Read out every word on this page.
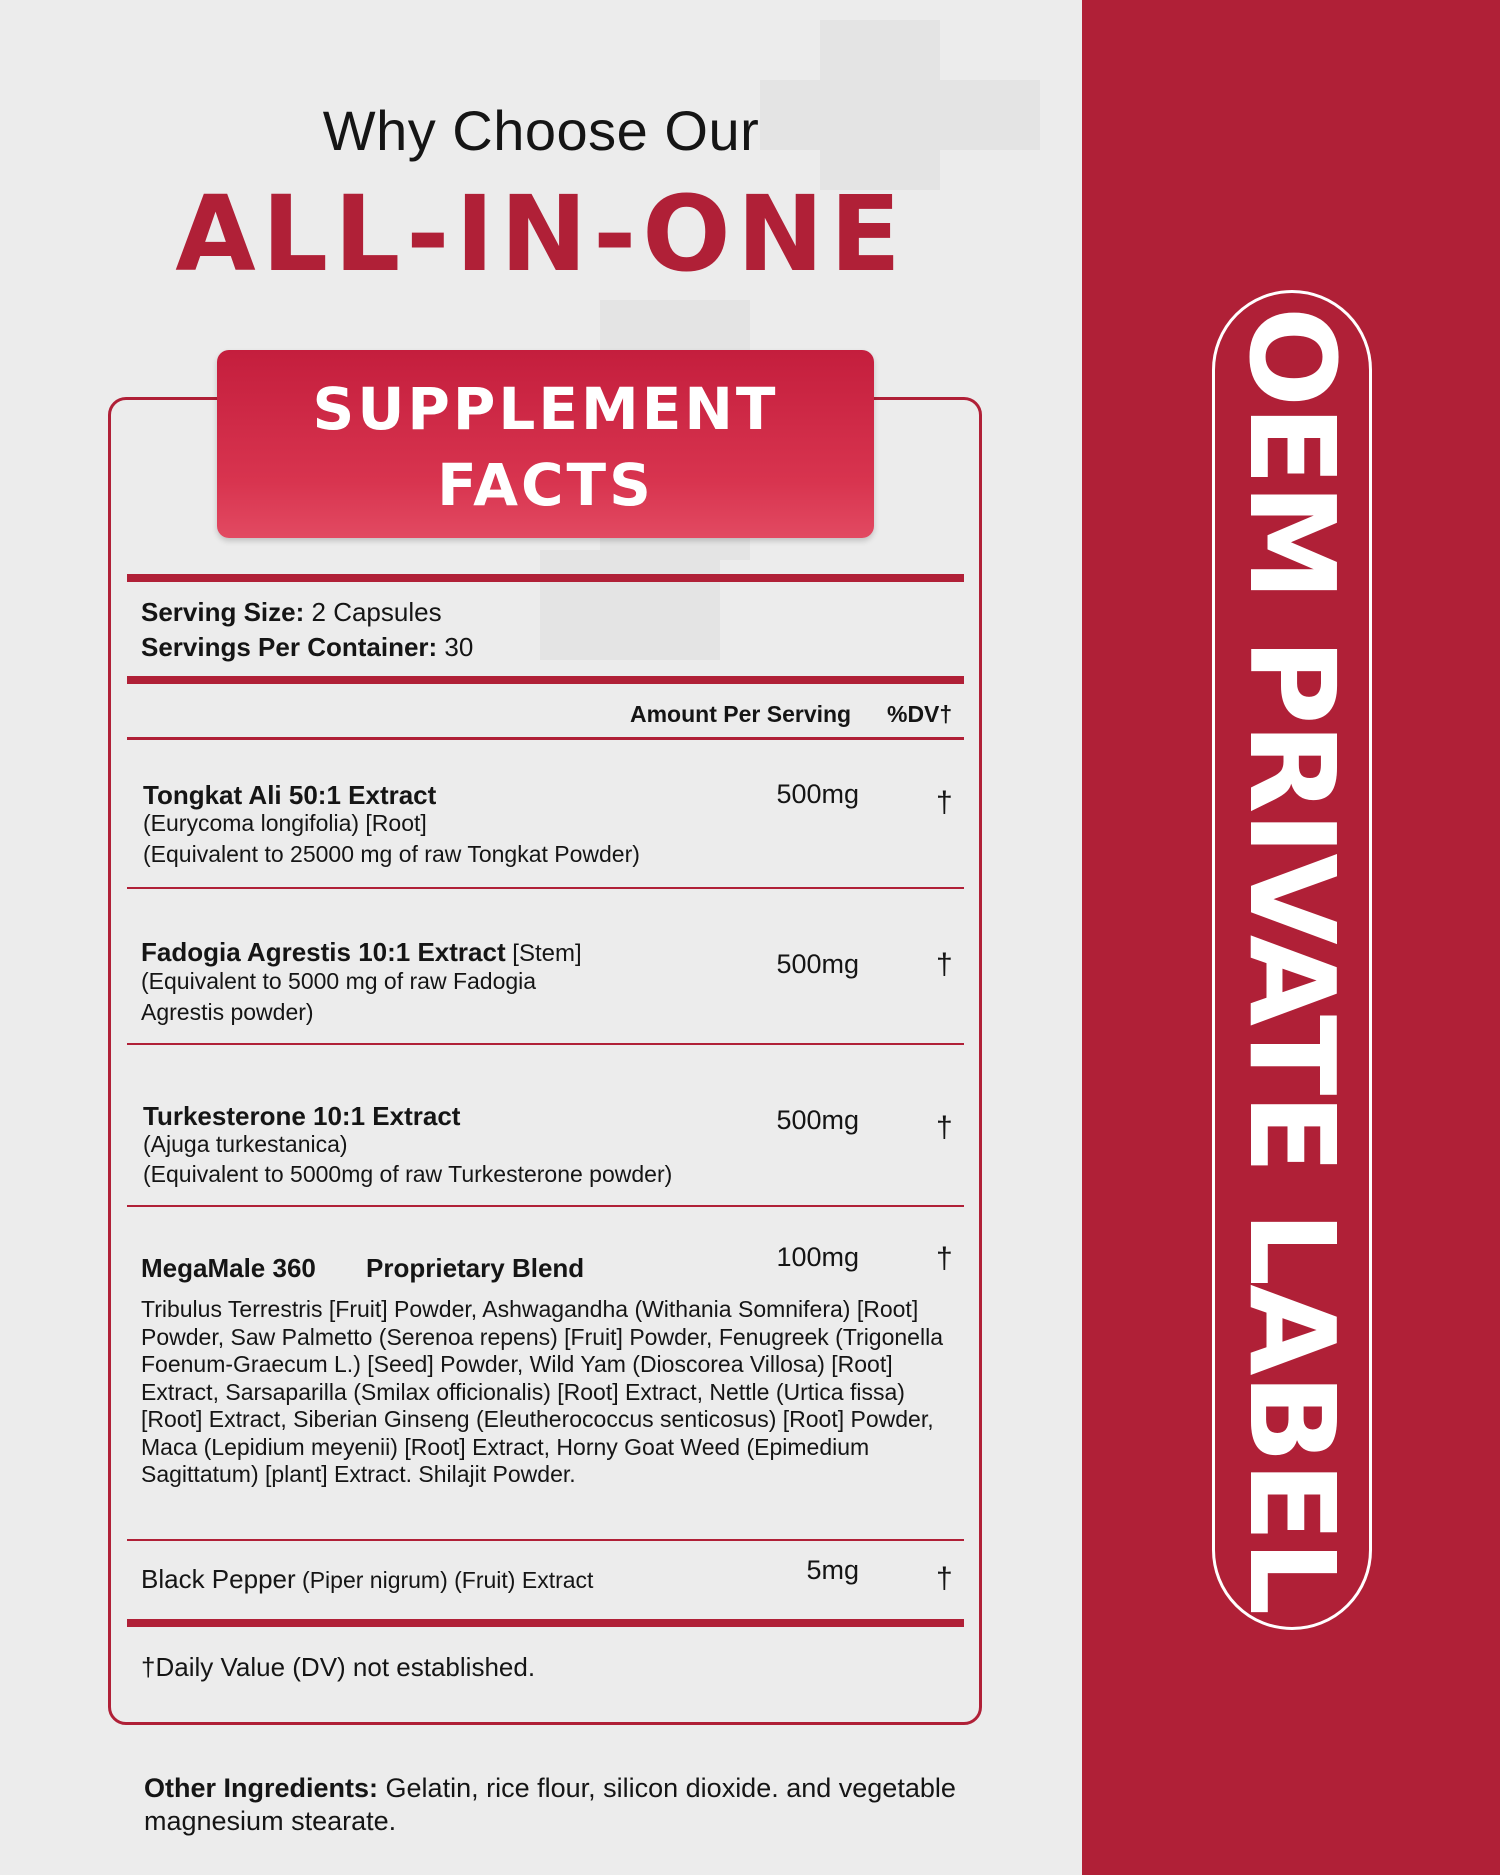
Why Choose Our
ALL-IN-ONE
SUPPLEMENT
FACTS
Serving Size: 2 Capsules
Servings Per Container: 30
Amount Per Serving %DV†
Tongkat Ali 50:1 Extract
(Eurycoma longifolia) [Root]
(Equivalent to 25000 mg of raw Tongkat Powder)
500mg	†
Fadogia Agrestis 10:1 Extract [Stem]
(Equivalent to 5000 mg of raw Fadogia
Agrestis powder)
500mg	†
Turkesterone 10:1 Extract
(Ajuga turkestanica)
(Equivalent to 5000mg of raw Turkesterone powder)
500mg	†
MegaMale 360 Proprietary Blend	100mg	†
Tribulus Terrestris [Fruit] Powder, Ashwagandha (Withania Somnifera) [Root] Powder, Saw Palmetto (Serenoa repens) [Fruit] Powder, Fenugreek (Trigonella Foenum-Graecum L.) [Seed] Powder, Wild Yam (Dioscorea Villosa) [Root] Extract, Sarsaparilla (Smilax officionalis) [Root] Extract, Nettle (Urtica fissa) [Root] Extract, Siberian Ginseng (Eleutherococcus senticosus) [Root] Powder, Maca (Lepidium meyenii) [Root] Extract, Horny Goat Weed (Epimedium Sagittatum) [plant] Extract. Shilajit Powder.
Black Pepper (Piper nigrum) (Fruit) Extract	5mg	†
†Daily Value (DV) not established.
Other Ingredients: Gelatin, rice flour, silicon dioxide. and vegetable magnesium stearate.
OEM PRIVATE LABEL
